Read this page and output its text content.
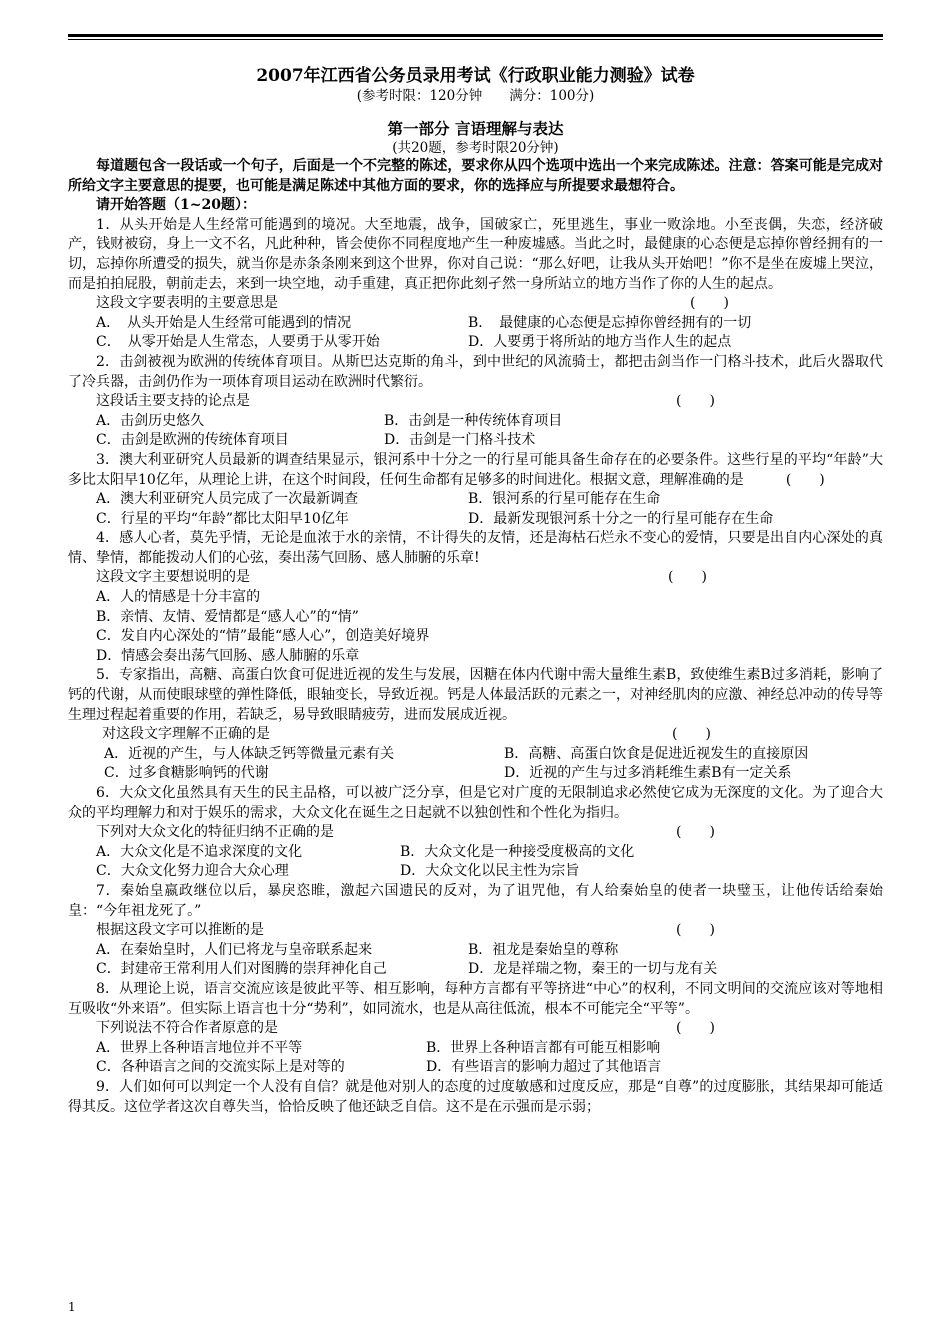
2007年江西省公务员录用考试《行政职业能力测验》试卷
(参考时限：120分钟　　满分：100分)
第一部分 言语理解与表达
(共20题，参考时限20分钟)

每道题包含一段话或一个句子，后面是一个不完整的陈述，要求你从四个选项中选出一个来完成陈述。注意：答案可能是完成对所给文字主要意思的提要，也可能是满足陈述中其他方面的要求，你的选择应与所提要求最想符合。

请开始答题（1~20题）：

1．从头开始是人生经常可能遇到的境况。大至地震，战争，国破家亡，死里逃生，事业一败涂地。小至丧偶，失恋，经济破产，钱财被窃，身上一文不名，凡此种种，皆会使你不同程度地产生一种废墟感。当此之时，最健康的心态便是忘掉你曾经拥有的一切，忘掉你所遭受的损失，就当你是赤条条刚来到这个世界，你对自己说：“那么好吧，让我从头开始吧！”你不是坐在废墟上哭泣，而是拍拍屁股，朝前走去，来到一块空地，动手重建，真正把你此刻孑然一身所站立的地方当作了你的人生的起点。

这段文字要表明的主要意思是	(　　)

A．　从头开始是人生经常可能遇到的情况	B．　最健康的心态便是忘掉你曾经拥有的一切
C．　从零开始是人生常态，人要勇于从零开始	D．人要勇于将所站的地方当作人生的起点

2．击剑被视为欧洲的传统体育项目。从斯巴达克斯的角斗，到中世纪的风流骑士，都把击剑当作一门格斗技术，此后火器取代了冷兵器，击剑仍作为一项体育项目运动在欧洲时代繁衍。

这段话主要支持的论点是	(　　)

A．击剑历史悠久	B．击剑是一种传统体育项目
C．击剑是欧洲的传统体育项目	D．击剑是一门格斗技术

3．澳大利亚研究人员最新的调查结果显示，银河系中十分之一的行星可能具备生命存在的必要条件。这些行星的平均“年龄”大多比太阳早10亿年，从理论上讲，在这个时间段，任何生命都有足够多的时间进化。根据文意，理解准确的是　　　	(　　)

A．澳大利亚研究人员完成了一次最新调查	B．银河系的行星可能存在生命
C．行星的平均“年龄”都比太阳早10亿年	D．最新发现银河系十分之一的行星可能存在生命

4．感人心者，莫先乎情，无论是血浓于水的亲情，不计得失的友情，还是海枯石烂永不变心的爱情，只要是出自内心深处的真情、挚情，都能拨动人们的心弦，奏出荡气回肠、感人肺腑的乐章!

这段文字主要想说明的是	(　　)

A．人的情感是十分丰富的

B．亲情、友情、爱情都是“感人心”的“情”

C．发自内心深处的“情”最能“感人心”，创造美好境界

D．情感会奏出荡气回肠、感人肺腑的乐章

5．专家指出，高糖、高蛋白饮食可促进近视的发生与发展，因糖在体内代谢中需大量维生素B，致使维生素B过多消耗，影响了钙的代谢，从而使眼球壁的弹性降低，眼轴变长，导致近视。钙是人体最活跃的元素之一，对神经肌肉的应激、神经总冲动的传导等生理过程起着重要的作用，若缺乏，易导致眼睛疲劳，进而发展成近视。

对这段文字理解不正确的是	(　　)

A．近视的产生，与人体缺乏钙等微量元素有关	B．高糖、高蛋白饮食是促进近视发生的直接原因
C．过多食糖影响钙的代谢	D．近视的产生与过多消耗维生素B有一定关系

6．大众文化虽然具有天生的民主品格，可以被广泛分享，但是它对广度的无限制追求必然使它成为无深度的文化。为了迎合大众的平均理解力和对于娱乐的需求，大众文化在诞生之日起就不以独创性和个性化为指归。

下列对大众文化的特征归纳不正确的是	(　　)

A．大众文化是不追求深度的文化	B．大众文化是一种接受度极高的文化
C．大众文化努力迎合大众心理	D．大众文化以民主性为宗旨

7．秦始皇嬴政继位以后，暴戾恣睢，激起六国遗民的反对，为了诅咒他，有人给秦始皇的使者一块璧玉，让他传话给秦始皇：“今年祖龙死了。”

根据这段文字可以推断的是	(　　)

A．在秦始皇时，人们已将龙与皇帝联系起来	B．祖龙是秦始皇的尊称
C．封建帝王常利用人们对图腾的崇拜神化自己	D．龙是祥瑞之物，秦王的一切与龙有关

8．从理论上说，语言交流应该是彼此平等、相互影响，每种方言都有平等挤进“中心”的权利，不同文明间的交流应该对等地相互吸收“外来语”。但实际上语言也十分“势利”，如同流水，也是从高往低流，根本不可能完全“平等”。

下列说法不符合作者原意的是	(　　)

A．世界上各种语言地位并不平等	B．世界上各种语言都有可能互相影响
C．各种语言之间的交流实际上是对等的	D．有些语言的影响力超过了其他语言

9．人们如何可以判定一个人没有自信？就是他对别人的态度的过度敏感和过度反应，那是“自尊”的过度膨胀，其结果却可能适得其反。这位学者这次自尊失当，恰恰反映了他还缺乏自信。这不是在示强而是示弱；

1
